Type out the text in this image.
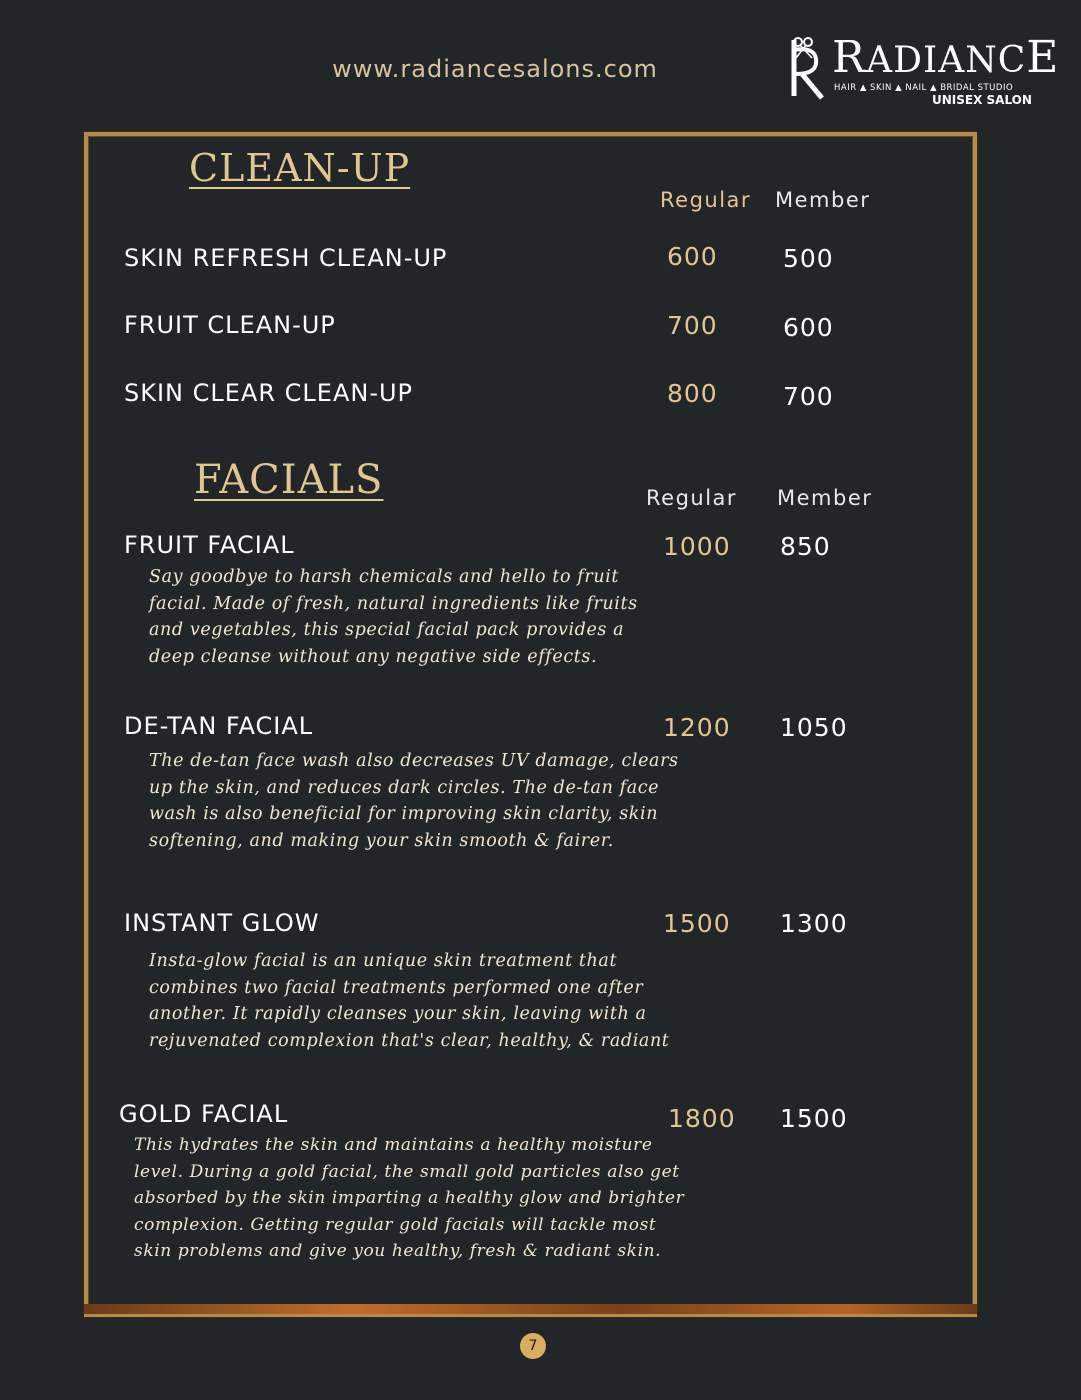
www.radiancesalons.com	RADIANCE
HAIR ▲ SKIN ▲ NAIL ▲ BRIDAL STUDIO
UNISEX SALON
CLEAN-UP
Regular Member
SKIN REFRESH CLEAN-UP	600	500
FRUIT CLEAN-UP	700	600
SKIN CLEAR CLEAN-UP	800	700
FACIALS	Regular Member
FRUIT FACIAL	1000 850
Say goodbye to harsh chemicals and hello to fruit
facial. Made of fresh, natural ingredients like fruits
and vegetables, this special facial pack provides a
deep cleanse without any negative side effects.
DE-TAN FACIAL	1200 1050
The de-tan face wash also decreases UV damage, clears
up the skin, and reduces dark circles. The de-tan face
wash is also beneficial for improving skin clarity, skin
softening, and making your skin smooth & fairer.
INSTANT GLOW	1500 1300
Insta-glow facial is an unique skin treatment that
combines two facial treatments performed one after
another. It rapidly cleanses your skin, leaving with a
rejuvenated complexion that's clear, healthy, & radiant
GOLD FACIAL	1800 1500
This hydrates the skin and maintains a healthy moisture
level. During a gold facial, the small gold particles also get
absorbed by the skin imparting a healthy glow and brighter
complexion. Getting regular gold facials will tackle most
skin problems and give you healthy, fresh & radiant skin.
7
